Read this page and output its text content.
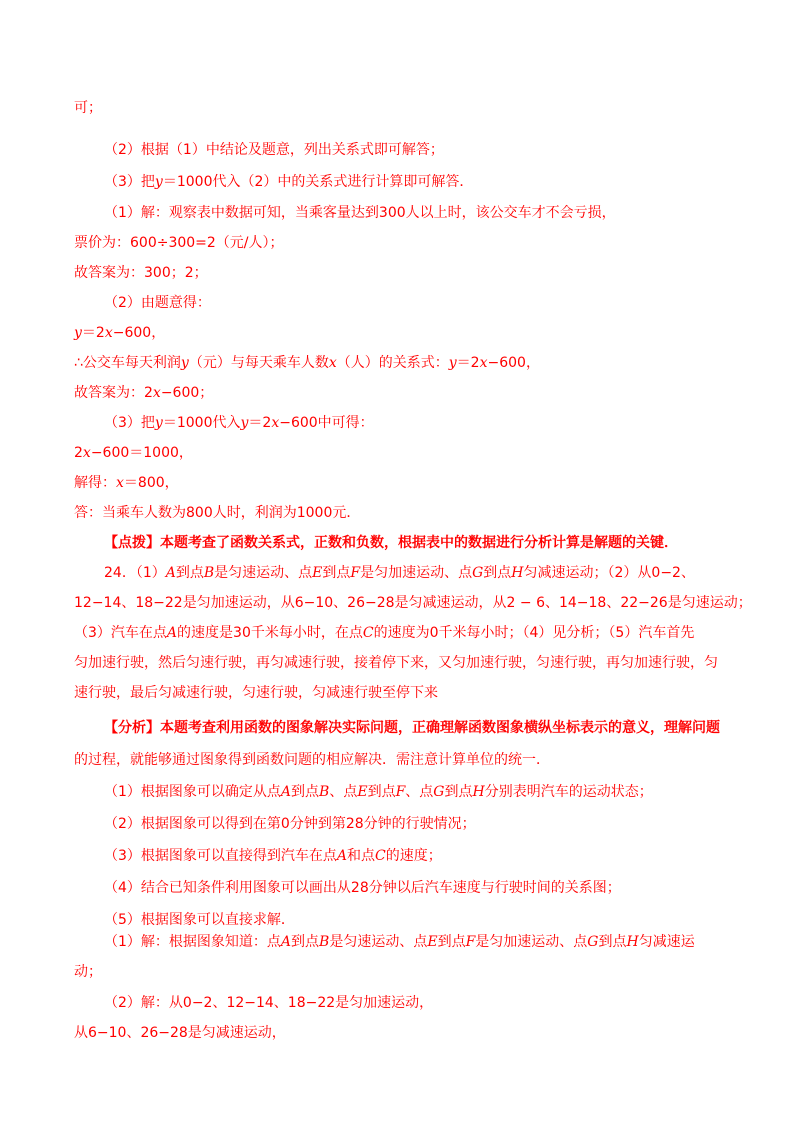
可；
（2）根据（1）中结论及题意，列出关系式即可解答；
（3）把y＝1000代入（2）中的关系式进行计算即可解答．
（1）解：观察表中数据可知，当乘客量达到300人以上时，该公交车才不会亏损，
票价为：600÷300=2（元/人）；
故答案为：300；2；
（2）由题意得：
y＝2x−600，
∴公交车每天利润y（元）与每天乘车人数x（人）的关系式：y＝2x−600，
故答案为：2x−600；
（3）把y＝1000代入y＝2x−600中可得：
2x−600＝1000，
解得：x＝800，
答：当乘车人数为800人时，利润为1000元．
【点拨】本题考查了函数关系式，正数和负数，根据表中的数据进行分析计算是解题的关键．
24．（1）A到点B是匀速运动、点E到点F是匀加速运动、点G到点H匀减速运动；（2）从0−2、
12−14、18−22是匀加速运动，从6−10、26−28是匀减速运动，从2 − 6、14−18、22−26是匀速运动；
（3）汽车在点A的速度是30千米每小时，在点C的速度为0千米每小时；（4）见分析；（5）汽车首先
匀加速行驶，然后匀速行驶，再匀减速行驶，接着停下来，又匀加速行驶，匀速行驶，再匀加速行驶，匀
速行驶，最后匀减速行驶，匀速行驶，匀减速行驶至停下来
【分析】本题考查利用函数的图象解决实际问题，正确理解函数图象横纵坐标表示的意义，理解问题
的过程，就能够通过图象得到函数问题的相应解决．需注意计算单位的统一．
（1）根据图象可以确定从点A到点B、点E到点F、点G到点H分别表明汽车的运动状态；
（2）根据图象可以得到在第0分钟到第28分钟的行驶情况；
（3）根据图象可以直接得到汽车在点A和点C的速度；
（4）结合已知条件利用图象可以画出从28分钟以后汽车速度与行驶时间的关系图；
（5）根据图象可以直接求解．
（1）解：根据图象知道：点A到点B是匀速运动、点E到点F是匀加速运动、点G到点H匀减速运
动；
（2）解：从0−2、12−14、18−22是匀加速运动，
从6−10、26−28是匀减速运动，
